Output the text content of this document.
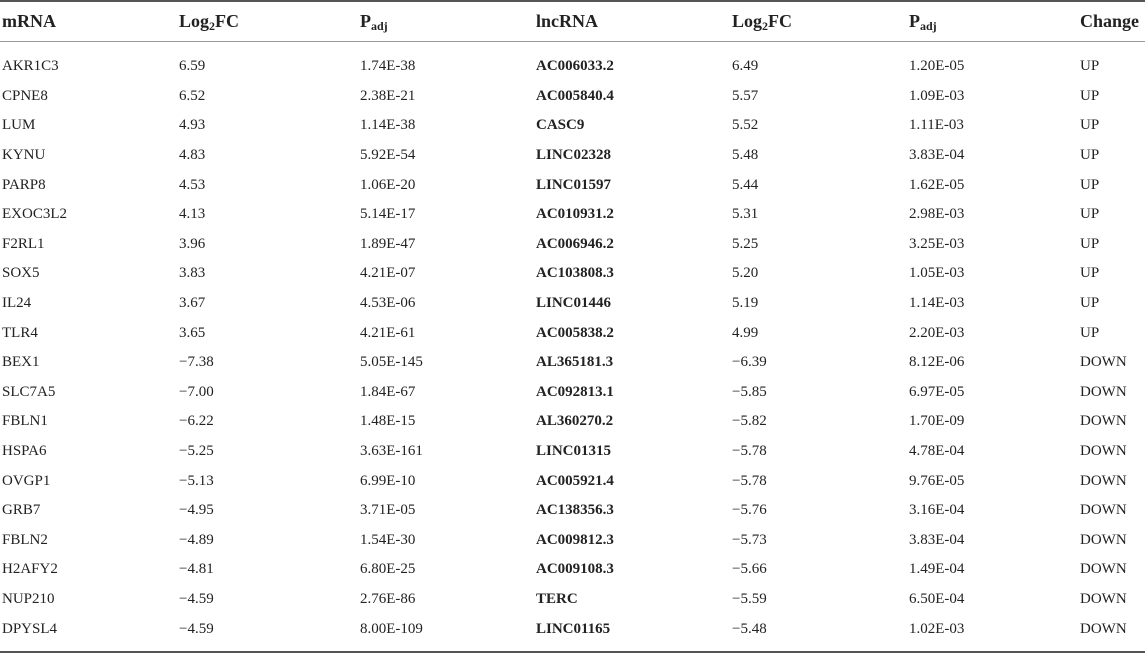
mRNA	Log$_2$FC	$P_{adj}$	lncRNA	Log$_2$FC	$P_{adj}$	Change
AKR1C3	6.59	1.74E-38	AC006033.2	6.49	1.20E-05	UP
CPNE8	6.52	2.38E-21	AC005840.4	5.57	1.09E-03	UP
LUM	4.93	1.14E-38	CASC9	5.52	1.11E-03	UP
KYNU	4.83	5.92E-54	LINC02328	5.48	3.83E-04	UP
PARP8	4.53	1.06E-20	LINC01597	5.44	1.62E-05	UP
EXOC3L2	4.13	5.14E-17	AC010931.2	5.31	2.98E-03	UP
F2RL1	3.96	1.89E-47	AC006946.2	5.25	3.25E-03	UP
SOX5	3.83	4.21E-07	AC103808.3	5.20	1.05E-03	UP
IL24	3.67	4.53E-06	LINC01446	5.19	1.14E-03	UP
TLR4	3.65	4.21E-61	AC005838.2	4.99	2.20E-03	UP
BEX1	−7.38	5.05E-145	AL365181.3	−6.39	8.12E-06	DOWN
SLC7A5	−7.00	1.84E-67	AC092813.1	−5.85	6.97E-05	DOWN
FBLN1	−6.22	1.48E-15	AL360270.2	−5.82	1.70E-09	DOWN
HSPA6	−5.25	3.63E-161	LINC01315	−5.78	4.78E-04	DOWN
OVGP1	−5.13	6.99E-10	AC005921.4	−5.78	9.76E-05	DOWN
GRB7	−4.95	3.71E-05	AC138356.3	−5.76	3.16E-04	DOWN
FBLN2	−4.89	1.54E-30	AC009812.3	−5.73	3.83E-04	DOWN
H2AFY2	−4.81	6.80E-25	AC009108.3	−5.66	1.49E-04	DOWN
NUP210	−4.59	2.76E-86	TERC	−5.59	6.50E-04	DOWN
DPYSL4	−4.59	8.00E-109	LINC01165	−5.48	1.02E-03	DOWN
